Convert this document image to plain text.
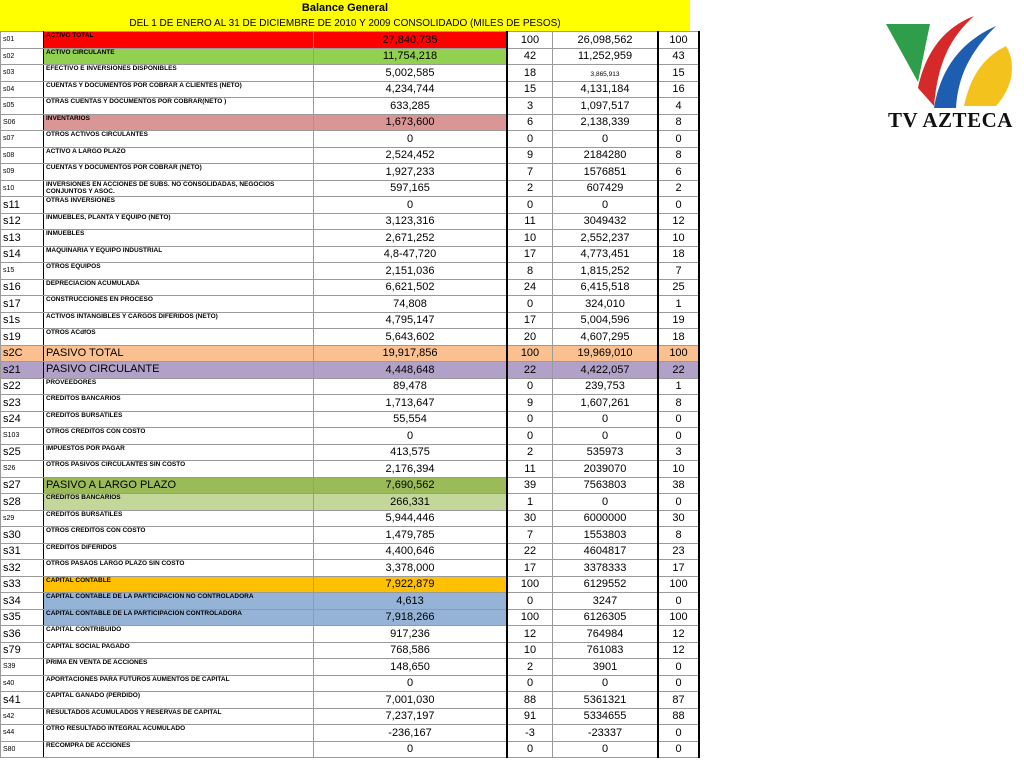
Balance General
DEL 1 DE ENERO AL 31 DE DICIEMBRE DE 2010 Y 2009 CONSOLIDADO (MILES DE PESOS)
s01	ACTIVO TOTAL	27,840,735	100	26,098,562	100
s02	ACTIVO CIRCULANTE	11,754,218	42	11,252,959	43
s03	EFECTIVO E INVERSIONES DISPONIBLES	5,002,585	18	3,865,913	15
s04	CUENTAS Y DOCUMENTOS POR COBRAR A CLIENTES (NETO)	4,234,744	15	4,131,184	16
s05	OTRAS CUENTAS Y DOCUMENTOS POR COBRAR(NETO )	633,285	3	1,097,517	4
S06	INVENTARIOS	1,673,600	6	2,138,339	8
s07	OTROS ACTIVOS CIRCULANTES	0	0	0	0
s08	ACTIVO A LARGO PLAZO	2,524,452	9	2184280	8
s09	CUENTAS Y DOCUMENTOS POR COBRAR (NETO)	1,927,233	7	1576851	6
s10	INVERSIONES EN ACCIONES DE SUBS. NO CONSOLIDADAS, NEGOCIOS CONJUNTOS Y ASOC.	597,165	2	607429	2
s11	OTRAS INVERSIONES	0	0	0	0
s12	INMUEBLES, PLANTA Y EQUIPO (NETO)	3,123,316	11	3049432	12
s13	INMUEBLES	2,671,252	10	2,552,237	10
s14	MAQUINARIA Y EQUIPO INDUSTRIAL	4,8-47,720	17	4,773,451	18
s15	OTROS EQUIPOS	2,151,036	8	1,815,252	7
s16	DEPRECIACION ACUMULADA	6,621,502	24	6,415,518	25
s17	CONSTRUCCIONES EN PROCESO	74,808	0	324,010	1
s1s	ACTIVOS INTANGIBLES Y CARGOS DIFERIDOS (NETO)	4,795,147	17	5,004,596	19
s19	OTROS ACdfOS	5,643,602	20	4,607,295	18
s2C	PASIVO TOTAL	19,917,856	100	19,969,010	100
s21	PASIVO CIRCULANTE	4,448,648	22	4,422,057	22
s22	PROVEEDORES	89,478	0	239,753	1
s23	CREDITOS BANCARIOS	1,713,647	9	1,607,261	8
s24	CREDITOS BURSATILES	55,554	0	0	0
S103	OTROS CREDITOS CON COSTO	0	0	0	0
s25	IMPUESTOS POR PAGAR	413,575	2	535973	3
S26	OTROS PASIVOS CIRCULANTES SIN COSTO	2,176,394	11	2039070	10
s27	PASIVO A LARGO PLAZO	7,690,562	39	7563803	38
s28	CREDITOS BANCARIOS	266,331	1	0	0
s29	CREDITOS BURSATILES	5,944,446	30	6000000	30
s30	OTROS CREDITOS CON COSTO	1,479,785	7	1553803	8
s31	CREDITOS DIFERIDOS	4,400,646	22	4604817	23
s32	OTROS PASAOS LARGO PLAZO SIN COSTO	3,378,000	17	3378333	17
s33	CAPITAL CONTABLE	7,922,879	100	6129552	100
s34	CAPITAL CONTABLE DE LA PARTICIPACION NO CONTROLADORA	4,613	0	3247	0
s35	CAPITAL CONTABLE DE LA PARTICIPACION CONTROLADORA	7,918,266	100	6126305	100
s36	CAPITAL CONTRIBUIDO	917,236	12	764984	12
s79	CAPITAL SOCIAL PAGADO	768,586	10	761083	12
S39	PRIMA EN VENTA DE ACCIONES	148,650	2	3901	0
s40	APORTACIONES PARA FUTUROS AUMENTOS DE CAPITAL	0	0	0	0
s41	CAPITAL GANADO (PERDIDO)	7,001,030	88	5361321	87
s42	RESULTADOS ACUMULADOS Y RESERVAS DE CAPITAL	7,237,197	91	5334655	88
s44	OTRO RESULTADO INTEGRAL ACUMULADO	-236,167	-3	-23337	0
S80	RECOMPRA DE ACCIONES	0	0	0	0
TV AZTECA
